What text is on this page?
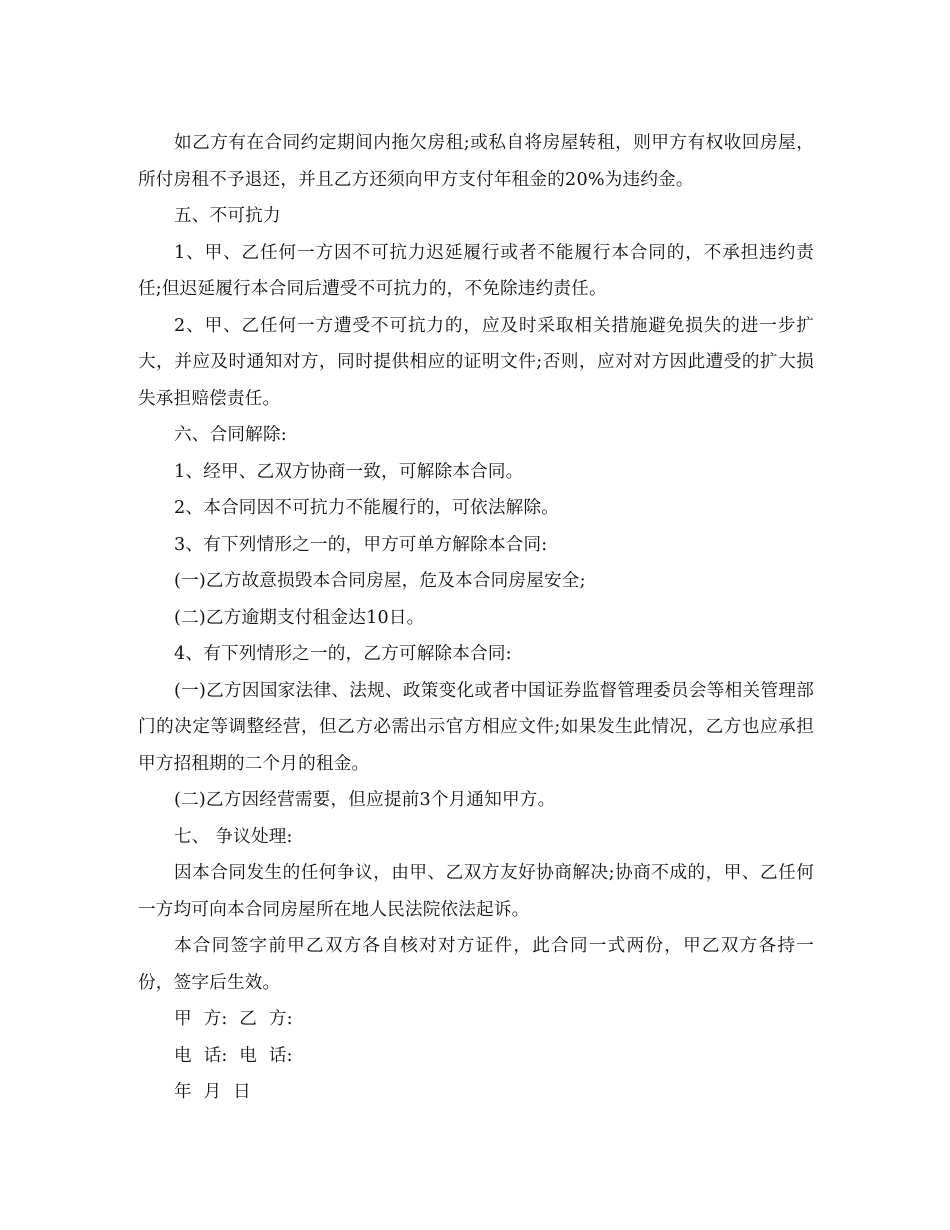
如乙方有在合同约定期间内拖欠房租;或私自将房屋转租，则甲方有权收回房屋，所付房租不予退还，并且乙方还须向甲方支付年租金的20%为违约金。

五、不可抗力

1、甲、乙任何一方因不可抗力迟延履行或者不能履行本合同的，不承担违约责任;但迟延履行本合同后遭受不可抗力的，不免除违约责任。

2、甲、乙任何一方遭受不可抗力的，应及时采取相关措施避免损失的进一步扩大，并应及时通知对方，同时提供相应的证明文件;否则，应对对方因此遭受的扩大损失承担赔偿责任。

六、合同解除:

1、经甲、乙双方协商一致，可解除本合同。

2、本合同因不可抗力不能履行的，可依法解除。

3、有下列情形之一的，甲方可单方解除本合同:

(一)乙方故意损毁本合同房屋，危及本合同房屋安全;

(二)乙方逾期支付租金达10日。

4、有下列情形之一的，乙方可解除本合同:

(一)乙方因国家法律、法规、政策变化或者中国证券监督管理委员会等相关管理部门的决定等调整经营，但乙方必需出示官方相应文件;如果发生此情况，乙方也应承担甲方招租期的二个月的租金。

(二)乙方因经营需要，但应提前3个月通知甲方。

七、 争议处理:

因本合同发生的任何争议，由甲、乙双方友好协商解决;协商不成的，甲、乙任何一方均可向本合同房屋所在地人民法院依法起诉。

本合同签字前甲乙双方各自核对对方证件，此合同一式两份，甲乙双方各持一份，签字后生效。

甲 方: 乙 方:

电 话: 电 话:

年 月 日
